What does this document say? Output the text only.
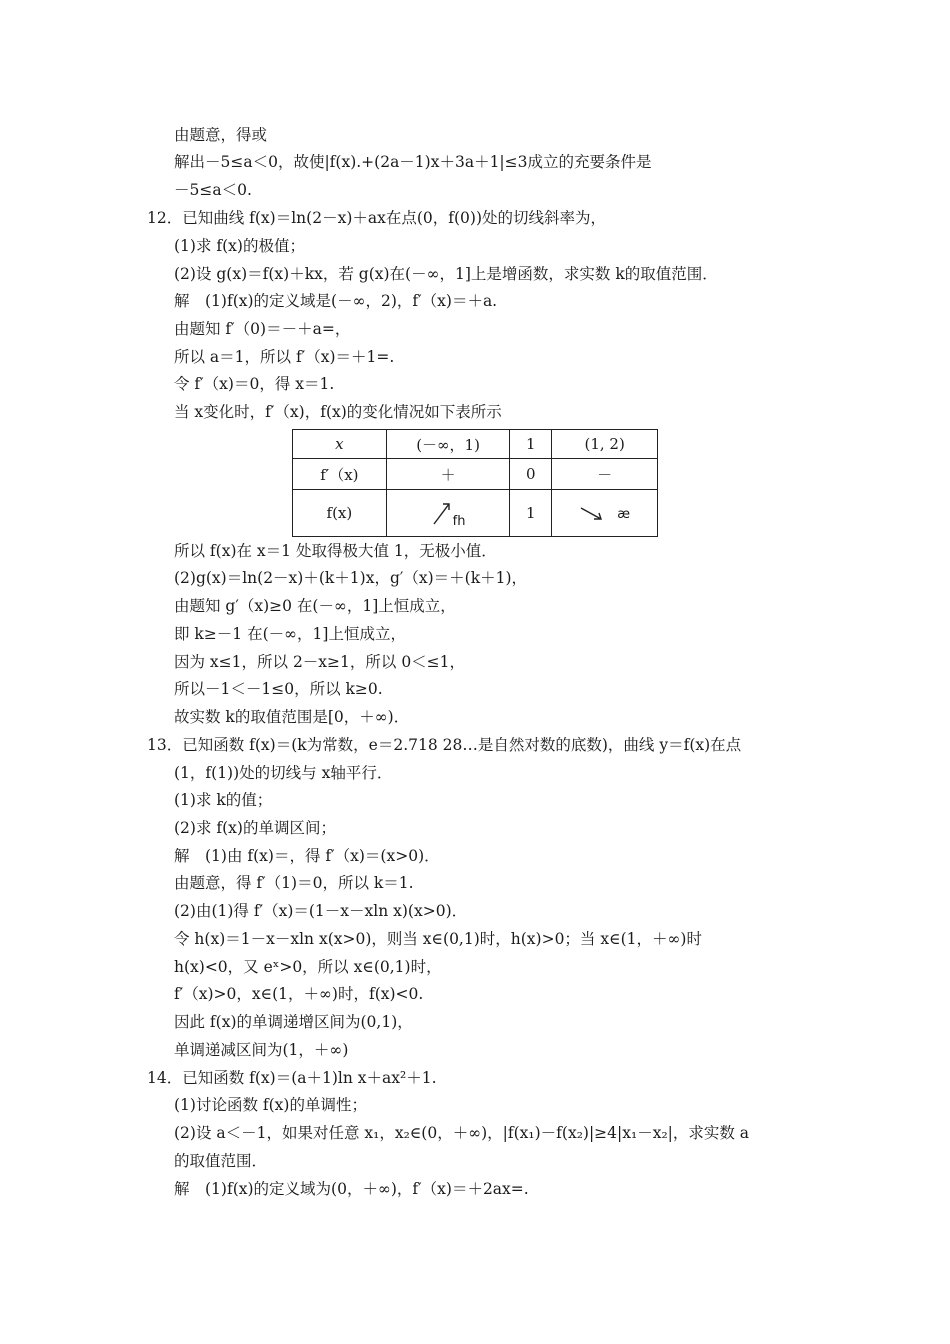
由题意，得或
解出－5≤a＜0，故使|f(x).+(2a－1)x＋3a＋1|≤3成立的充要条件是
－5≤a＜0.
12．已知曲线 f(x)＝ln(2－x)＋ax在点(0，f(0))处的切线斜率为，
(1)求 f(x)的极值；
(2)设 g(x)＝f(x)＋kx，若 g(x)在(－∞，1]上是增函数，求实数 k的取值范围．
解　(1)f(x)的定义域是(－∞，2)，f′（x)＝＋a.
由题知 f′（0)＝－＋a=，
所以 a＝1，所以 f′（x)＝＋1=.
令 f′（x)＝0，得 x＝1.
当 x变化时，f′（x)，f(x)的变化情况如下表所示
所以 f(x)在 x＝1 处取得极大值 1，无极小值．
(2)g(x)＝ln(2－x)＋(k＋1)x，g′（x)＝＋(k＋1)，
由题知 g′（x)≥0 在(－∞，1]上恒成立，
即 k≥－1 在(－∞，1]上恒成立，
因为 x≤1，所以 2－x≥1，所以 0＜≤1，
所以－1＜－1≤0，所以 k≥0.
故实数 k的取值范围是[0，＋∞)．
13．已知函数 f(x)＝(k为常数，e＝2.718 28…是自然对数的底数)，曲线 y＝f(x)在点
(1，f(1))处的切线与 x轴平行．
(1)求 k的值；
(2)求 f(x)的单调区间；
解　(1)由 f(x)＝，得 f′（x)＝(x>0)．
由题意，得 f′（1)＝0，所以 k＝1.
(2)由(1)得 f′（x)＝(1－x－xln x)(x>0)．
令 h(x)＝1－x－xln x(x>0)，则当 x∈(0,1)时，h(x)>0；当 x∈(1，＋∞)时
h(x)<0，又 eˣ>0，所以 x∈(0,1)时，
f′（x)>0，x∈(1，＋∞)时，f(x)<0.
因此 f(x)的单调递增区间为(0,1)，
单调递减区间为(1，＋∞)
14．已知函数 f(x)＝(a＋1)ln x＋ax²＋1.
(1)讨论函数 f(x)的单调性；
(2)设 a＜－1，如果对任意 x₁，x₂∈(0，＋∞)，|f(x₁)－f(x₂)|≥4|x₁－x₂|，求实数 a
的取值范围．
解　(1)f(x)的定义域为(0，＋∞)，f′（x)＝＋2ax=.
x	(－∞，1)	1	(1, 2)
f′（x)	＋	0	－
f(x)	fh	1	æ
